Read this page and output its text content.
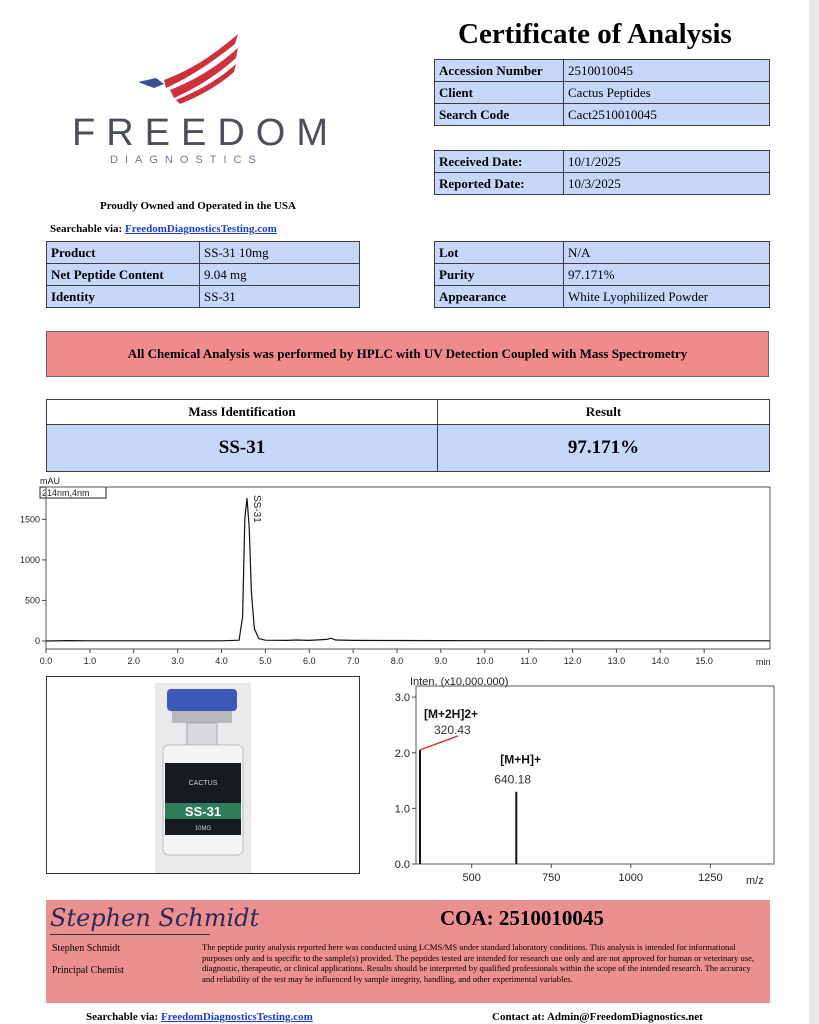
FREEDOM
DIAGNOSTICS
Certificate of Analysis
Proudly Owned and Operated in the USA
Searchable via: FreedomDiagnosticsTesting.com
Accession Number	2510010045
Client	Cactus Peptides
Search Code	Cact2510010045
Received Date:	10/1/2025
Reported Date:	10/3/2025
Product	SS-31 10mg
Net Peptide Content	9.04 mg
Identity	SS-31
Lot	N/A
Purity	97.171%
Appearance	White Lyophilized Powder
All Chemical Analysis was performed by HPLC with UV Detection Coupled with Mass Spectrometry
Mass Identification	Result
SS-31	97.171%
mAU
214nm,4nm
0.0	1.0	2.0	3.0	4.0	5.0	6.0	7.0	8.0	9.0	10.0	11.0	12.0	13.0	14.0	15.0
0
500
1000
1500	SS-31
min
CACTUS
SS-31
10MG
Inten. (x10,000,000)
500	750	1000	1250
0.0
1.0
2.0
3.0
[M+2H]2+
320.43
[M+H]+
640.18
m/z
Stephen Schmidt	COA: 2510010045
Stephen Schmidt
Principal Chemist
The peptide purity analysis reported here was conducted using LCMS/MS under standard laboratory conditions. This analysis is intended for informational purposes only and is specific to the sample(s) provided. The peptides tested are intended for research use only and are not approved for human or veterinary use, diagnostic, therapeutic, or clinical applications. Results should be interpreted by qualified professionals within the scope of the intended research. The accuracy and reliability of the test may be influenced by sample integrity, handling, and other experimental variables.
Searchable via: FreedomDiagnosticsTesting.com	Contact at: Admin@FreedomDiagnostics.net
